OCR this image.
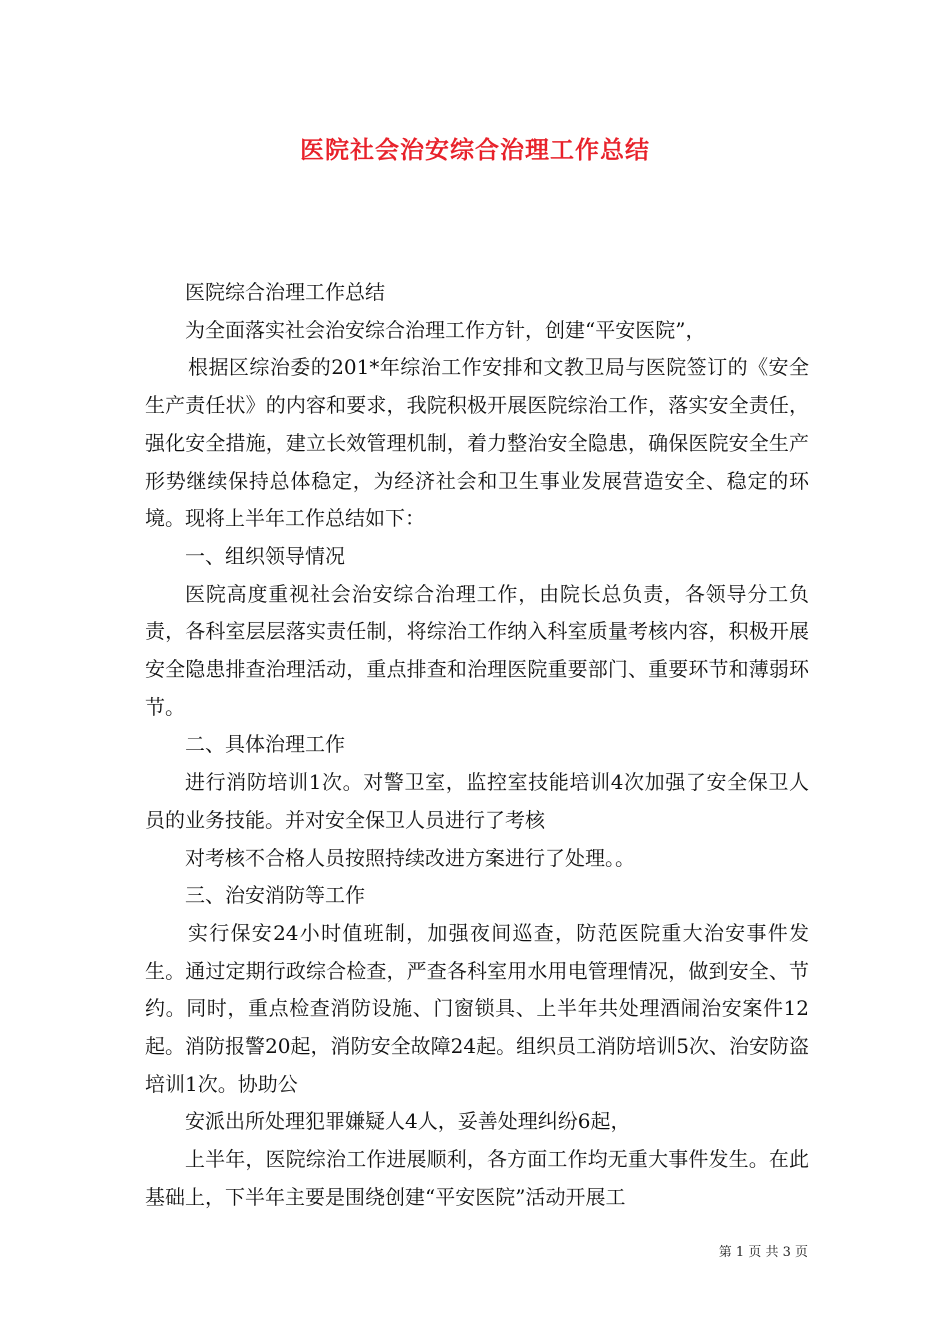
医院社会治安综合治理工作总结

医院综合治理工作总结

为全面落实社会治安综合治理工作方针，创建“平安医院”，

根据区综治委的201*年综治工作安排和文教卫局与医院签订的《安全生产责任状》的内容和要求，我院积极开展医院综治工作，落实安全责任，强化安全措施，建立长效管理机制，着力整治安全隐患，确保医院安全生产形势继续保持总体稳定，为经济社会和卫生事业发展营造安全、稳定的环境。现将上半年工作总结如下：

一、组织领导情况

医院高度重视社会治安综合治理工作，由院长总负责，各领导分工负责，各科室层层落实责任制，将综治工作纳入科室质量考核内容，积极开展安全隐患排查治理活动，重点排查和治理医院重要部门、重要环节和薄弱环节。

二、具体治理工作

进行消防培训1次。对警卫室，监控室技能培训4次加强了安全保卫人员的业务技能。并对安全保卫人员进行了考核

对考核不合格人员按照持续改进方案进行了处理。。

三、治安消防等工作

实行保安24小时值班制，加强夜间巡查，防范医院重大治安事件发生。通过定期行政综合检查，严查各科室用水用电管理情况，做到安全、节约。同时，重点检查消防设施、门窗锁具、上半年共处理酒闹治安案件12起。消防报警20起，消防安全故障24起。组织员工消防培训5次、治安防盗培训1次。协助公

安派出所处理犯罪嫌疑人4人，妥善处理纠纷6起，

上半年，医院综治工作进展顺利，各方面工作均无重大事件发生。在此基础上，下半年主要是围绕创建“平安医院”活动开展工

第 1 页 共 3 页
